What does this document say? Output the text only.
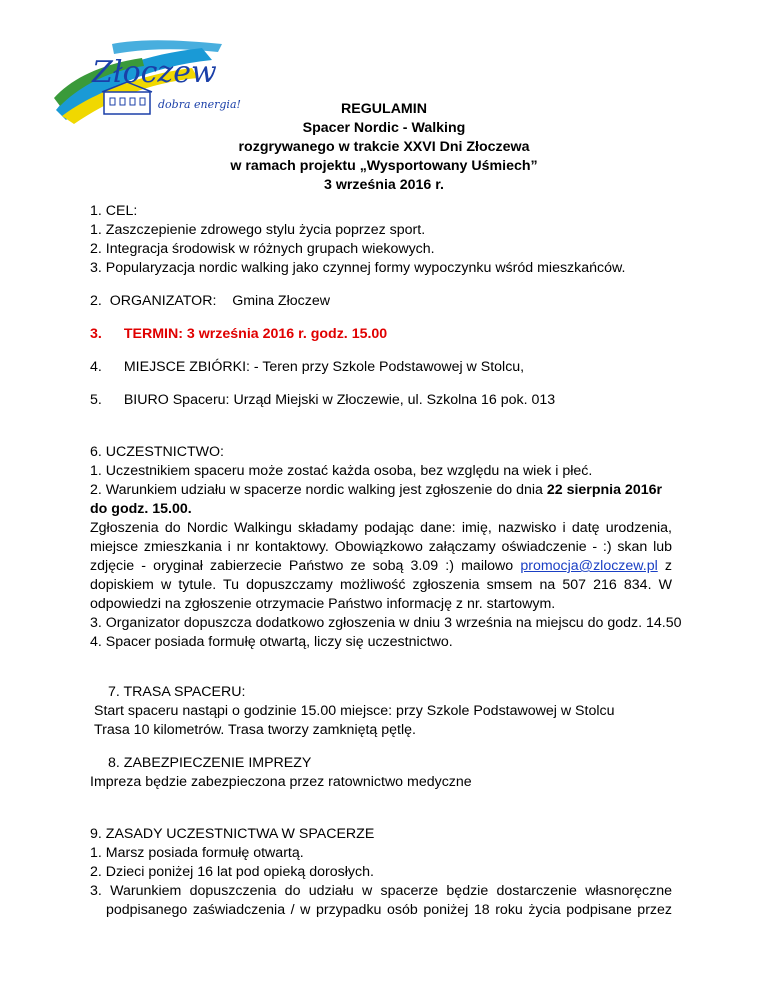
Złoczew
dobra energia!	REGULAMIN
Spacer Nordic - Walking
rozgrywanego w trakcie XXVI Dni Złoczewa
w ramach projektu „Wysportowany Uśmiech”
3 września 2016 r.
1. CEL:
1. Zaszczepienie zdrowego stylu życia poprzez sport.
2. Integracja środowisk w różnych grupach wiekowych.
3. Popularyzacja nordic walking jako czynnej formy wypoczynku wśród mieszkańców.
2. ORGANIZATOR: Gmina Złoczew
3. TERMIN: 3 września 2016 r. godz. 15.00
4. MIEJSCE ZBIÓRKI: - Teren przy Szkole Podstawowej w Stolcu,
5. BIURO Spaceru: Urząd Miejski w Złoczewie, ul. Szkolna 16 pok. 013
6. UCZESTNICTWO:
1. Uczestnikiem spaceru może zostać każda osoba, bez względu na wiek i płeć.
2. Warunkiem udziału w spacerze nordic walking jest zgłoszenie do dnia 22 sierpnia 2016r
do godz. 15.00.
Zgłoszenia do Nordic Walkingu składamy podając dane: imię, nazwisko i datę urodzenia,
miejsce zmieszkania i nr kontaktowy. Obowiązkowo załączamy oświadczenie - :) skan lub
zdjęcie - oryginał zabierzecie Państwo ze sobą 3.09 :) mailowo promocja@zloczew.pl z
dopiskiem w tytule. Tu dopuszczamy możliwość zgłoszenia smsem na 507 216 834. W
odpowiedzi na zgłoszenie otrzymacie Państwo informację z nr. startowym.
3. Organizator dopuszcza dodatkowo zgłoszenia w dniu 3 września na miejscu do godz. 14.50
4. Spacer posiada formułę otwartą, liczy się uczestnictwo.
7. TRASA SPACERU:
Start spaceru nastąpi o godzinie 15.00 miejsce: przy Szkole Podstawowej w Stolcu
Trasa 10 kilometrów. Trasa tworzy zamkniętą pętlę.
8. ZABEZPIECZENIE IMPREZY
Impreza będzie zabezpieczona przez ratownictwo medyczne
9. ZASADY UCZESTNICTWA W SPACERZE
1. Marsz posiada formułę otwartą.
2. Dzieci poniżej 16 lat pod opieką dorosłych.
3. Warunkiem dopuszczenia do udziału w spacerze będzie dostarczenie własnoręczne
podpisanego zaświadczenia / w przypadku osób poniżej 18 roku życia podpisane przez
